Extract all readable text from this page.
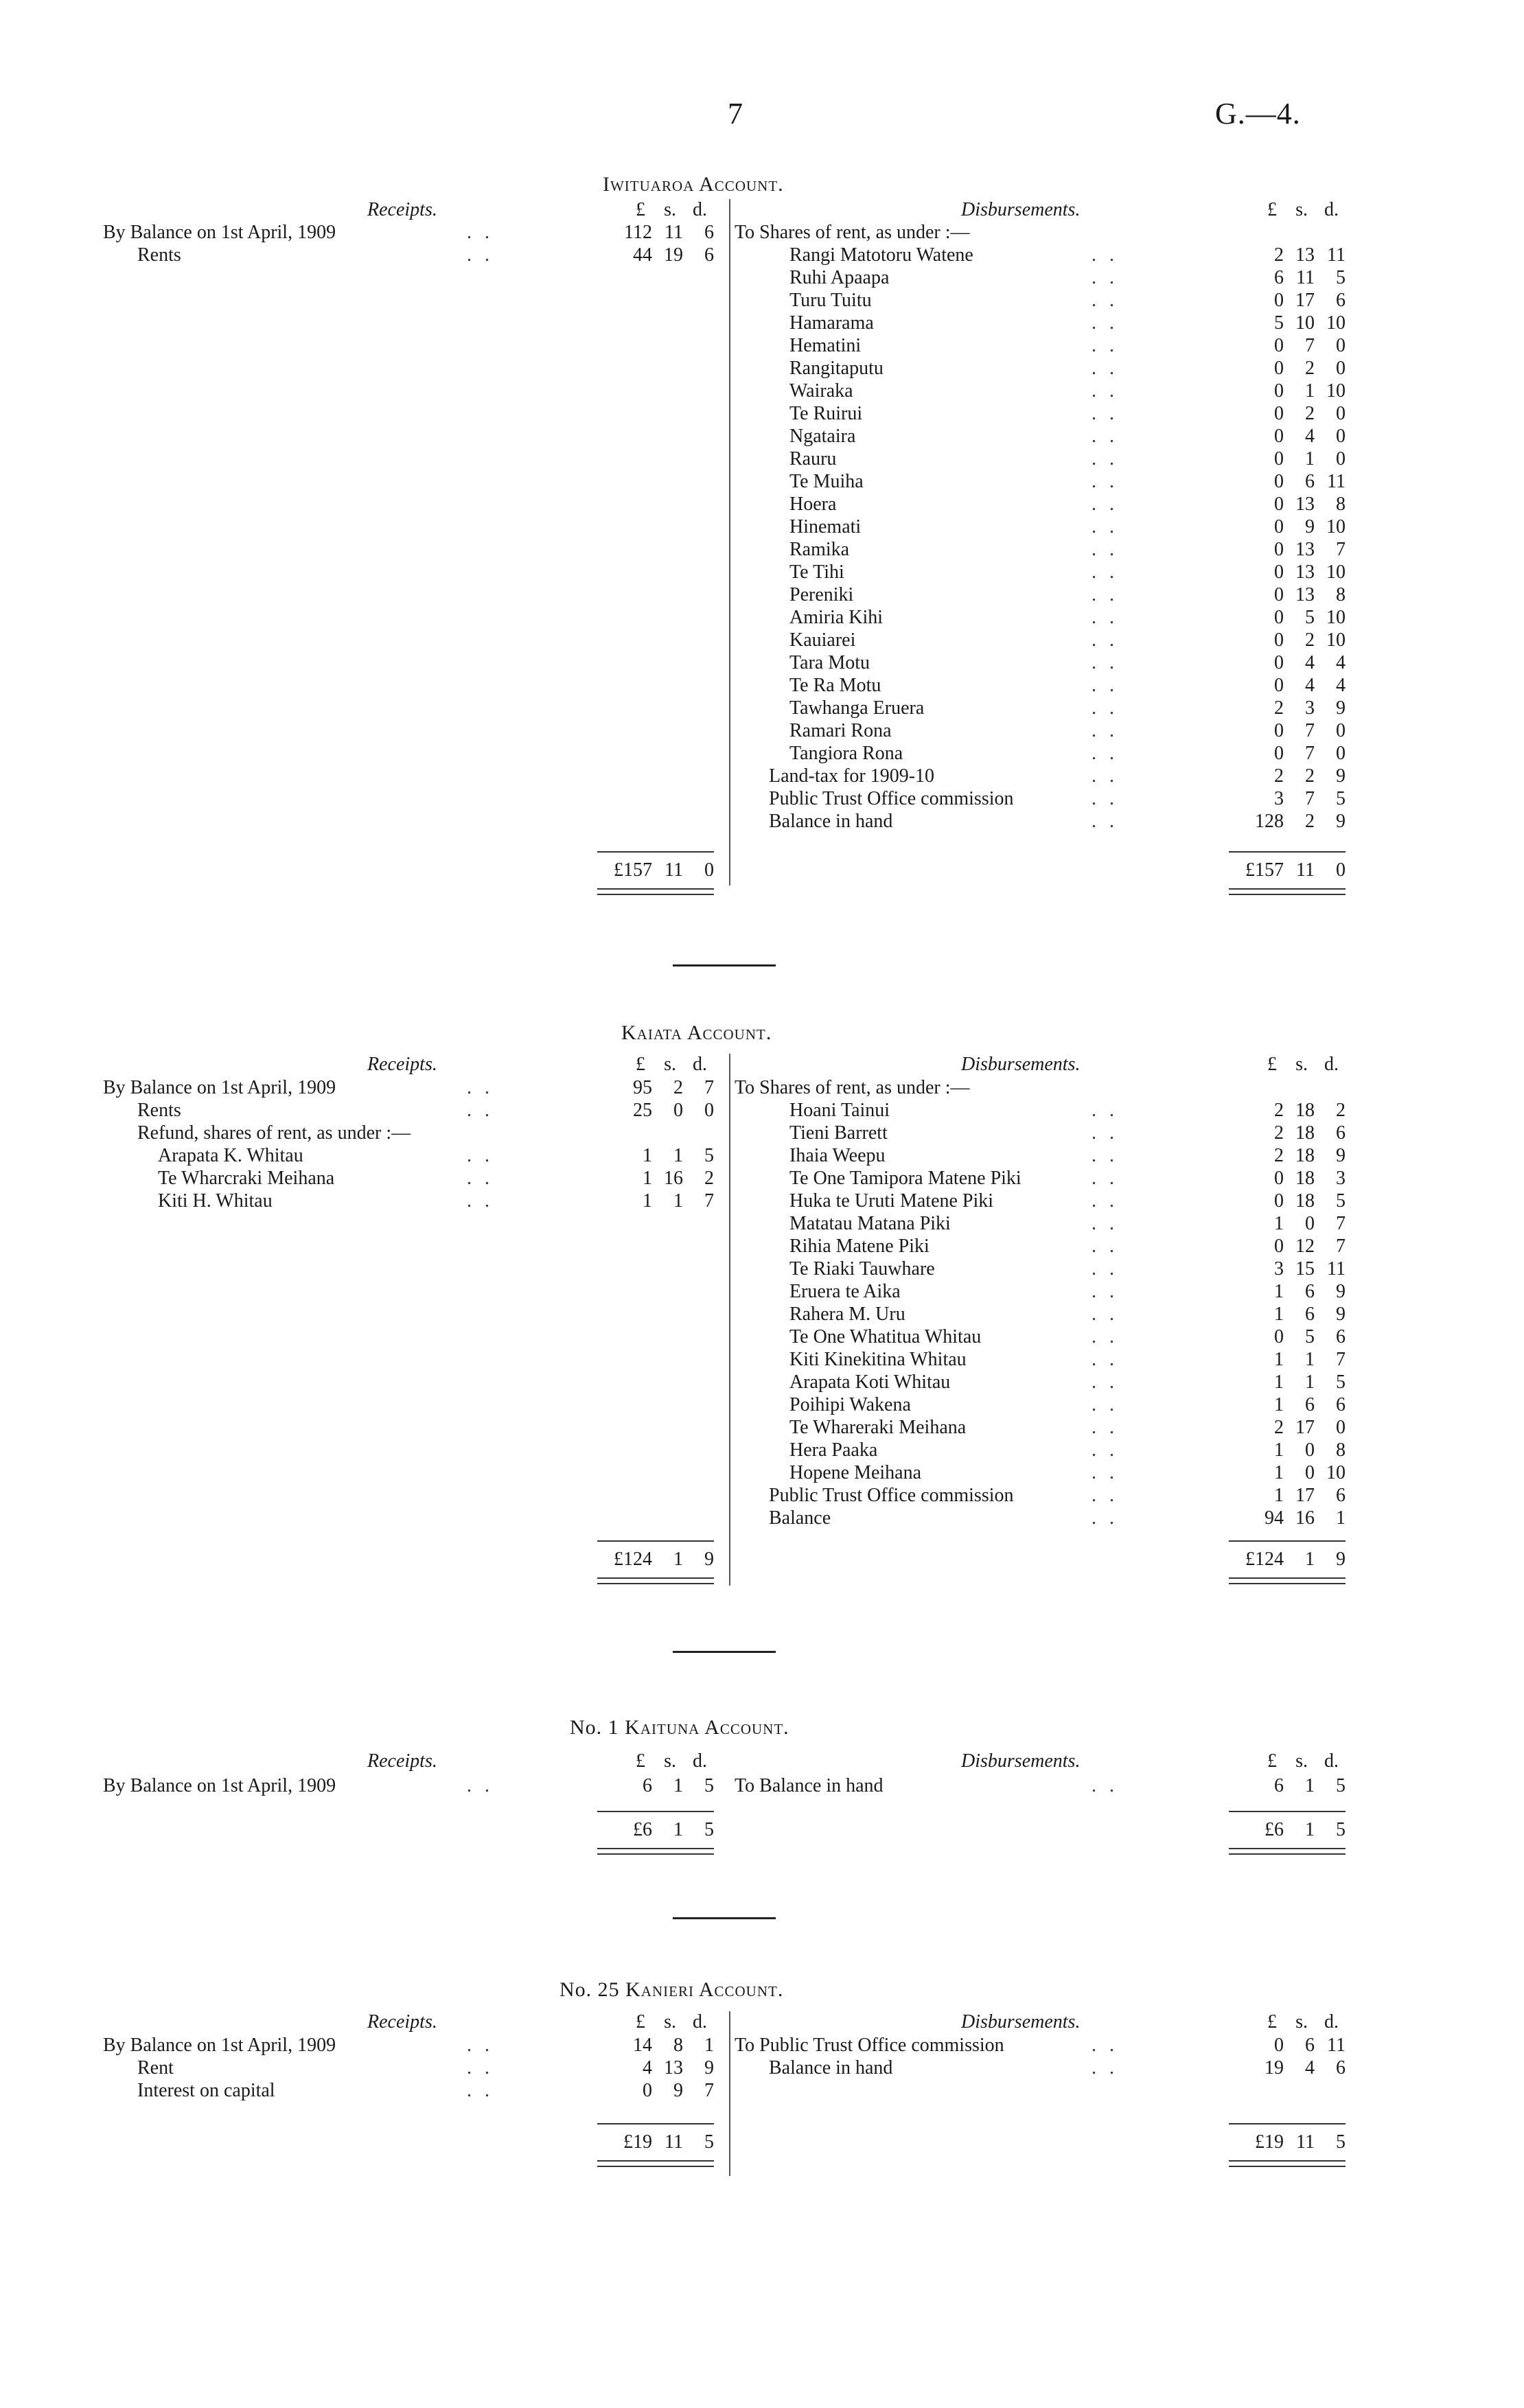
7	G.—4.
Iwituaroa Account.
Receipts.	Disbursements.
£ s. d.	£ s. d.
By Balance on 1st April, 1909	. .	112 11	6
Rents	. .	44 19	6
To Shares of rent, as under :—
Rangi Matotoru Watene	. .	2 13 11
Ruhi Apaapa	. .	6 11	5
Turu Tuitu	. .	0 17	6
Hamarama	. .	5 10 10
Hematini	. .	0	7	0
Rangitaputu	. .	0	2	0
Wairaka	. .	0	1 10
Te Ruirui	. .	0	2	0
Ngataira	. .	0	4	0
Rauru	. .	0	1	0
Te Muiha	. .	0	6 11
Hoera	. .	0 13	8
Hinemati	. .	0	9 10
Ramika	. .	0 13	7
Te Tihi	. .	0 13 10
Pereniki	. .	0 13	8
Amiria Kihi	. .	0	5 10
Kauiarei	. .	0	2 10
Tara Motu	. .	0	4	4
Te Ra Motu	. .	0	4	4
Tawhanga Eruera	. .	2	3	9
Ramari Rona	. .	0	7	0
Tangiora Rona	. .	0	7	0
Land-tax for 1909-10	. .	2	2	9
Public Trust Office commission	. .	3	7	5
Balance in hand	. .	128	2	9
£157 11 0	£157 11 0
Kaiata Account.
Receipts.	Disbursements.
£ s. d.	£ s. d.
By Balance on 1st April, 1909	. .	95	2	7
Rents	. .	25	0	0
Refund, shares of rent, as under :—
Arapata K. Whitau	. .	1	1	5
Te Wharcraki Meihana	. .	1 16	2
Kiti H. Whitau	. .	1	1	7
To Shares of rent, as under :—
Hoani Tainui	. .	2 18	2
Tieni Barrett	. .	2 18	6
Ihaia Weepu	. .	2 18	9
Te One Tamipora Matene Piki	. .	0 18	3
Huka te Uruti Matene Piki	. .	0 18	5
Matatau Matana Piki	. .	1	0	7
Rihia Matene Piki	. .	0 12	7
Te Riaki Tauwhare	. .	3 15 11
Eruera te Aika	. .	1	6	9
Rahera M. Uru	. .	1	6	9
Te One Whatitua Whitau	. .	0	5	6
Kiti Kinekitina Whitau	. .	1	1	7
Arapata Koti Whitau	. .	1	1	5
Poihipi Wakena	. .	1	6	6
Te Whareraki Meihana	. .	2 17	0
Hera Paaka	. .	1	0	8
Hopene Meihana	. .	1	0 10
Public Trust Office commission	. .	1 17	6
Balance	. .	94 16	1
£124 1 9	£124 1 9
No. 1 Kaituna Account.
Receipts.	Disbursements.
£ s. d.	£ s. d.
By Balance on 1st April, 1909	. .	6	1	5 To Balance in hand	. .	6	1	5
£6 1 5	£6 1 5
No. 25 Kanieri Account.
Receipts.	Disbursements.
£ s. d.	£ s. d.
By Balance on 1st April, 1909	. .	14	8	1
Rent	. .	4 13	9
Interest on capital	. .	0	9	7
To Public Trust Office commission	. .	0	6 11
Balance in hand	. .	19	4	6
£19 11 5	£19 11 5
